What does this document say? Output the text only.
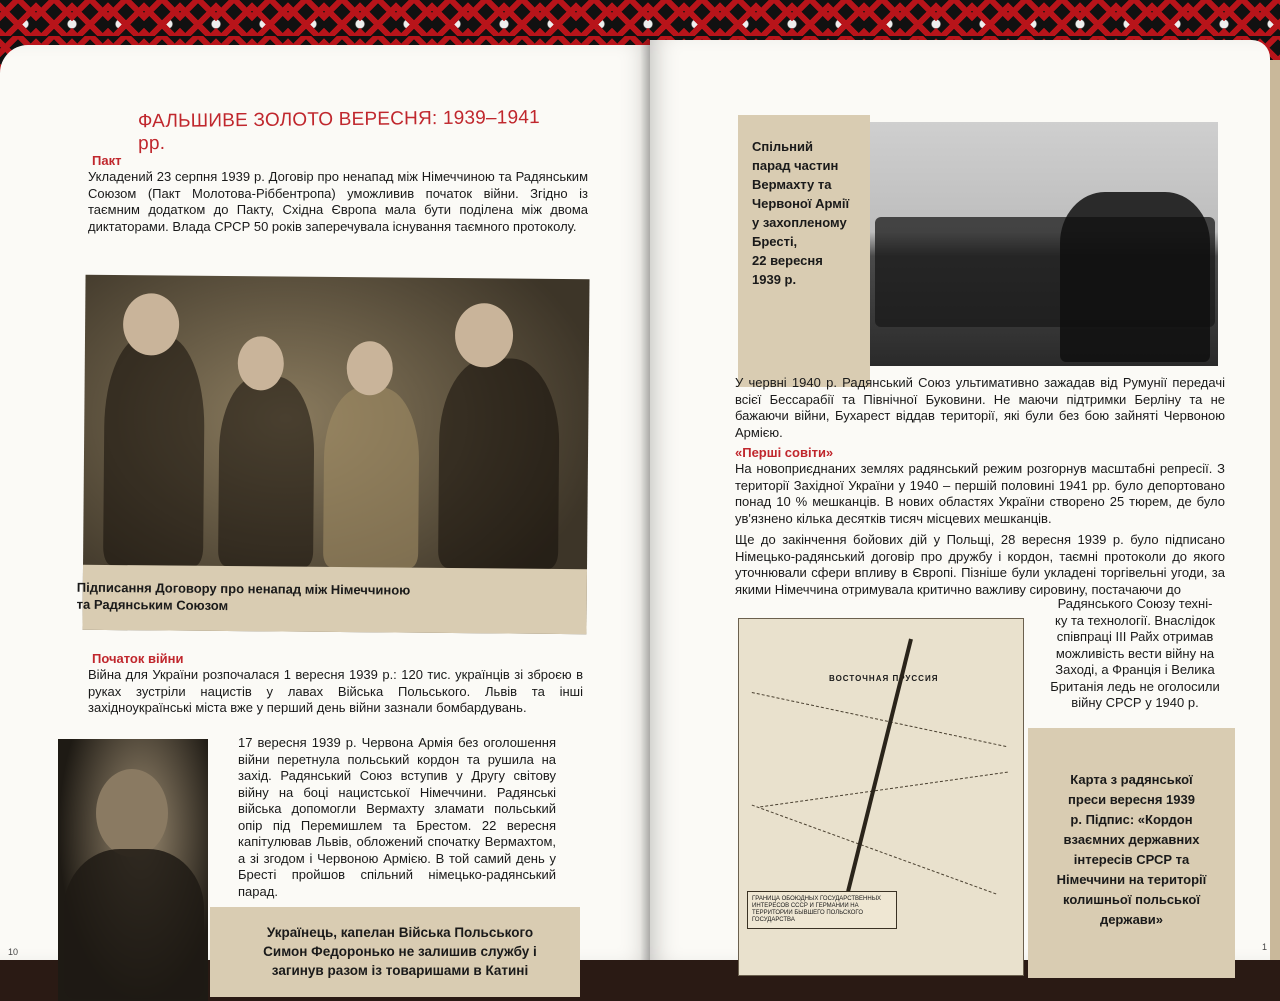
ФАЛЬШИВЕ ЗОЛОТО ВЕРЕСНЯ: 1939–1941 рр.
Пакт
Укладений 23 серпня 1939 р. Договір про ненапад між Німеччиною та Радянським Союзом (Пакт Молотова-Ріббентропа) уможливив початок війни. Згідно із таємним додатком до Пакту, Східна Європа мала бути поділена між двома диктаторами. Влада СРСР 50 років заперечувала існування таємного протоколу.
Підписання Договору про ненапад між Німеччиною
та Радянським Союзом
Початок війни
Війна для України розпочалася 1 вересня 1939 р.: 120 тис. українців зі зброєю в руках зустріли нацистів у лавах Війська Польського. Львів та інші західноукраїнські міста вже у перший день війни зазнали бомбардувань.
17 вересня 1939 р. Червона Армія без оголошення війни перетнула польський кордон та рушила на захід. Радянський Союз вступив у Другу світову війну на боці нацистської Німеччини. Радянські війська допомогли Вермахту зламати польський опір під Перемишлем та Брестом. 22 вересня капітулював Львів, обложений спочатку Вермахтом, а зі згодом і Червоною Армією. В той самий день у Бресті пройшов спільний німецько-радянський парад.
Українець, капелан Війська Польського
Симон Федоронько не залишив службу і
загинув разом із товаришами в Катині
10
Спільний
парад частин
Вермахту та
Червоної Армії
у захопленому
Бресті,
22 вересня
1939 р.
У червні 1940 р. Радянський Союз ультимативно зажадав від Румунії передачі всієї Бессарабії та Північної Буковини. Не маючи підтримки Берліну та не бажаючи війни, Бухарест віддав території, які були без бою зайняті Червоною Армією.
«Перші совіти»
На новоприєднаних землях радянський режим розгорнув масштабні репресії. З території Західної України у 1940 – першій половині 1941 рр. було депортовано понад 10 % мешканців. В нових областях України створено 25 тюрем, де було ув'язнено кілька десятків тисяч місцевих мешканців.
Ще до закінчення бойових дій у Польщі, 28 вересня 1939 р. було підписано Німецько-радянський договір про дружбу і кордон, таємні протоколи до якого уточнювали сфери впливу в Європі. Пізніше були укладені торгівельні угоди, за якими Німеччина отримувала критично важливу сировину, постачаючи до
Радянського Союзу техні-
ку та технології. Внаслідок
співпраці ІІІ Райх отримав
можливість вести війну на
Заході, а Франція і Велика
Британія ледь не оголосили
війну СРСР у 1940 р.
ВОСТОЧНАЯ ПРУССИЯ
ГРАНИЦА ОБОЮДНЫХ ГОСУДАРСТВЕННЫХ ИНТЕРЕСОВ СССР И ГЕРМАНИИ НА ТЕРРИТОРИИ БЫВШЕГО ПОЛЬСКОГО ГОСУДАРСТВА
Карта з радянської
преси вересня 1939
р. Підпис: «Кордон
взаємних державних
інтересів СРСР та
Німеччини на території
колишньої польської
держави»
1
